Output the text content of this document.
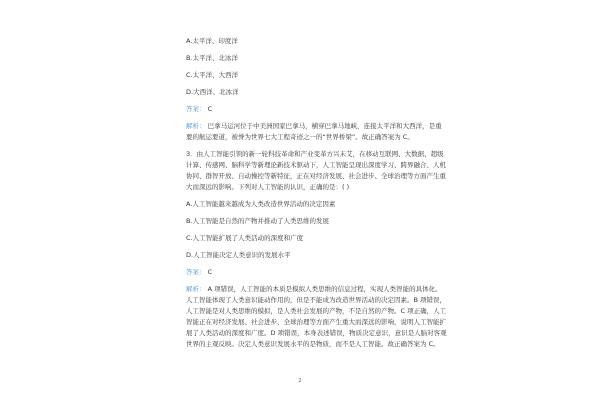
A.太平洋、印度洋
B.太平洋、北冰洋
C.太平洋、大西洋
D.大西洋、北冰洋
答案： C
解析： 巴拿马运河位于中美洲国家巴拿马，横穿巴拿马地峡，连接太平洋和大西洋，是重要的航运要道，被誉为世界七大工程奇迹之一的“世界桥梁”。故正确答案为 C。
3．由人工智能引领的新一轮科技革命和产业变革方兴未艾，在移动互联网、大数据、超级计算、传感网、脑科学等新理论新技术驱动下，人工智能呈现出深度学习、跨界融合、人机协同、群智开放、自动操控等新特征，正在对经济发展、社会进步、全球治理等方面产生重大而深远的影响。下列对人工智能的认识，正确的是：( )
A.人工智能越来越成为人类改造世界活动的决定因素
B.人工智能是自然的产物并推动了人类思维的发展
C.人工智能扩展了人类活动的深度和广度
D.人工智能决定人类意识的发展水平
答案： C
解析： A 项错误，人工智能的本质是模拟人类思维的信息过程，实现人类智能的具体化。人工智能体现了人类意识能动作用的，但是不能成为改造世界活动的决定因素。B 项错误，人工智能是对人类思维的模拟，是人类社会发展的产物，不是自然的产物。C 项正确，人工智能正在对经济发展、社会进步、全球治理等方面产生重大而深远的影响，说明人工智能扩展了人类活动的深度和广度。D 项错误，本身表述错误，物质决定意识，意识是人脑对客观世界的主观反映。决定人类意识发展水平的是物质，而不是人工智能。故正确答案为 C。
2
